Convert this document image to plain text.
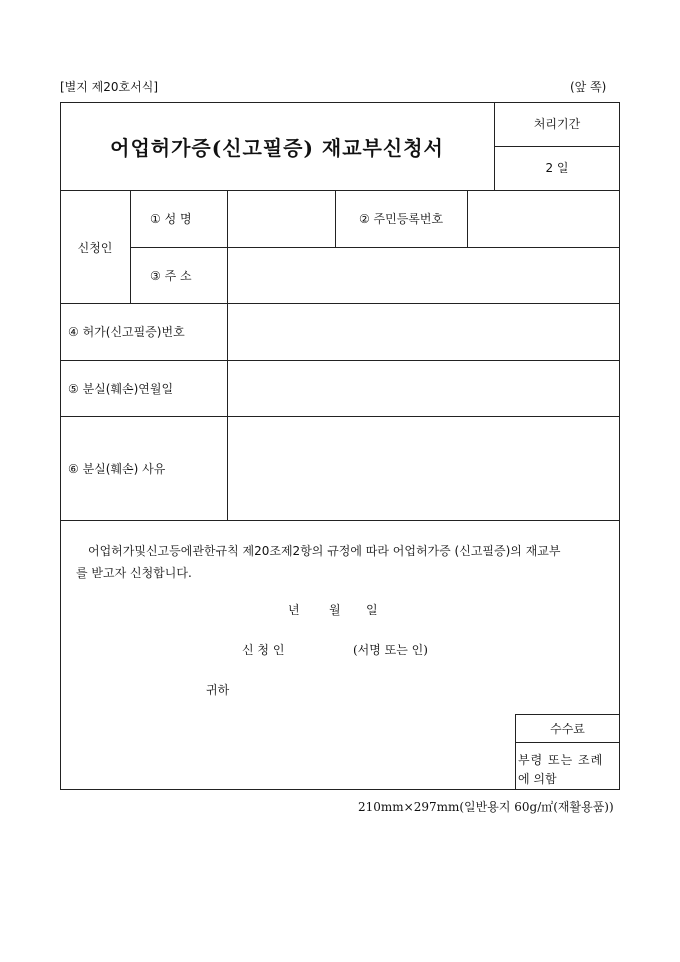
[별지 제20호서식]	(앞 쪽)
어업허가증(신고필증) 재교부신청서
처리기간
2 일
신청인
① 성 명	② 주민등록번호
③ 주 소
④ 허가(신고필증)번호
⑤ 분실(훼손)연월일
⑥ 분실(훼손) 사유
어업허가및신고등에관한규칙 제20조제2항의 규정에 따라 어업허가증 (신고필증)의 재교부
를 받고자 신청합니다.
년 월 일
신 청 인	(서명 또는 인)
귀하
수수료
부령 또는 조례
에 의함
210mm×297mm(일반용지 60g/㎡(재활용품))
